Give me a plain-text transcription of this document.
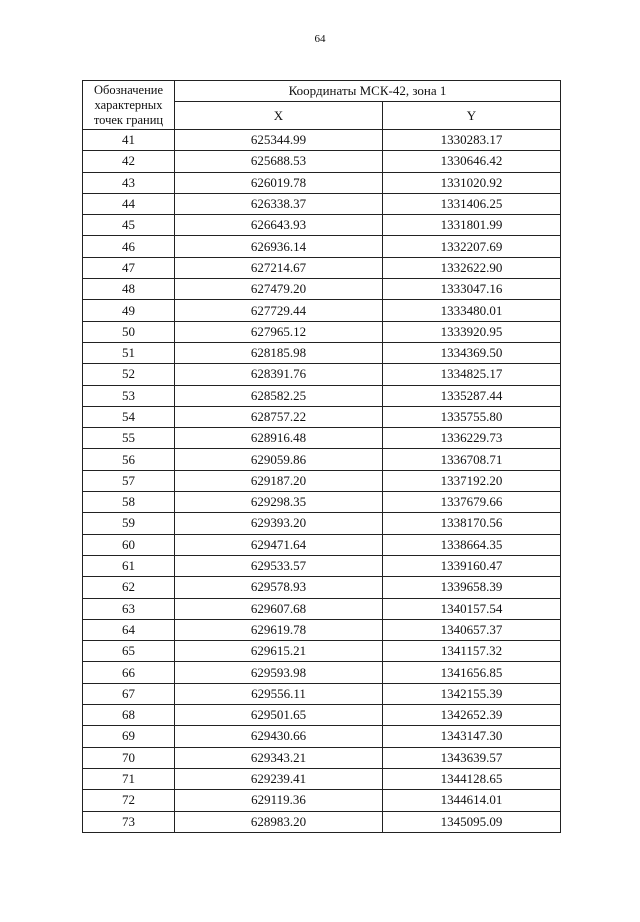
64
Обозначение характерных точек границ	Координаты МСК-42, зона 1	
	X	Y
41	625344.99	1330283.17
42	625688.53	1330646.42
43	626019.78	1331020.92
44	626338.37	1331406.25
45	626643.93	1331801.99
46	626936.14	1332207.69
47	627214.67	1332622.90
48	627479.20	1333047.16
49	627729.44	1333480.01
50	627965.12	1333920.95
51	628185.98	1334369.50
52	628391.76	1334825.17
53	628582.25	1335287.44
54	628757.22	1335755.80
55	628916.48	1336229.73
56	629059.86	1336708.71
57	629187.20	1337192.20
58	629298.35	1337679.66
59	629393.20	1338170.56
60	629471.64	1338664.35
61	629533.57	1339160.47
62	629578.93	1339658.39
63	629607.68	1340157.54
64	629619.78	1340657.37
65	629615.21	1341157.32
66	629593.98	1341656.85
67	629556.11	1342155.39
68	629501.65	1342652.39
69	629430.66	1343147.30
70	629343.21	1343639.57
71	629239.41	1344128.65
72	629119.36	1344614.01
73	628983.20	1345095.09
